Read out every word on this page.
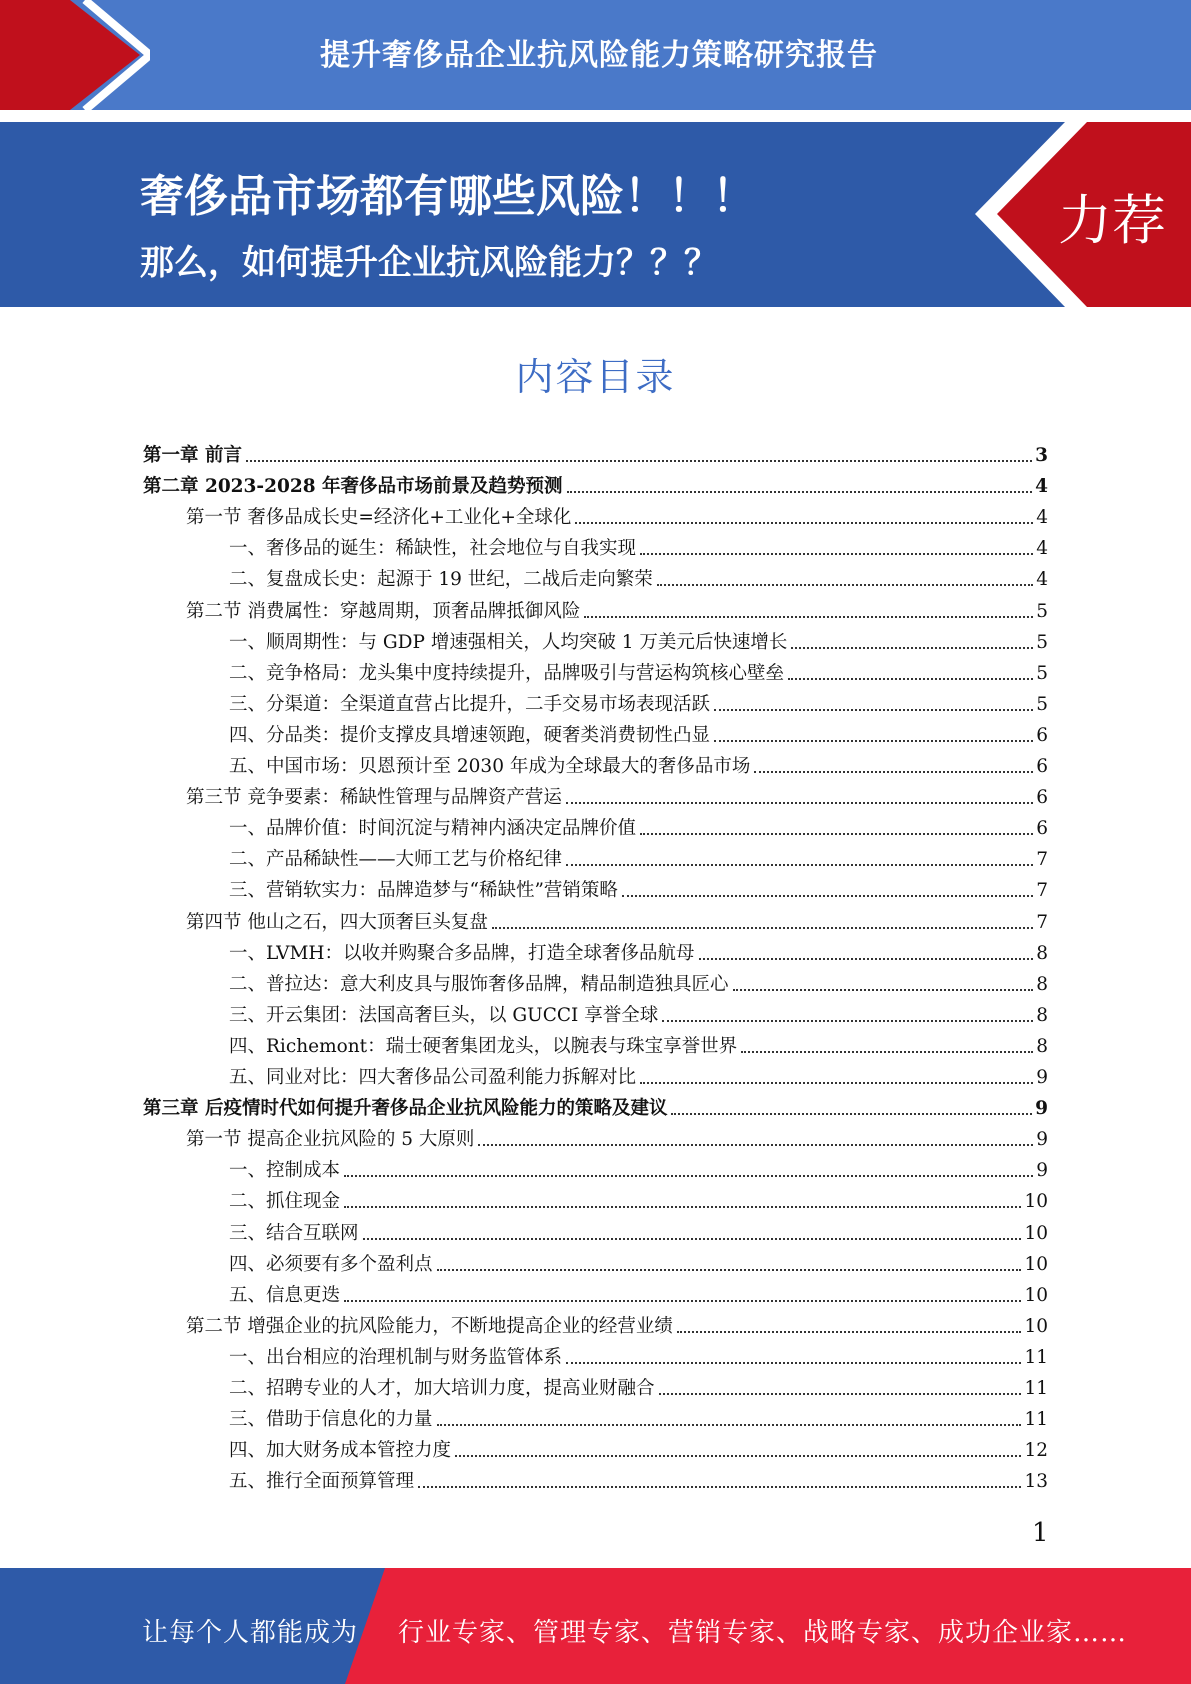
提升奢侈品企业抗风险能力策略研究报告
奢侈品市场都有哪些风险！！！
那么，如何提升企业抗风险能力？？？
力荐
内容目录
第一章 前言	3
第二章 2023-2028 年奢侈品市场前景及趋势预测	4
第一节 奢侈品成长史=经济化+工业化+全球化	4
一、奢侈品的诞生：稀缺性，社会地位与自我实现	4
二、复盘成长史：起源于 19 世纪，二战后走向繁荣	4
第二节 消费属性：穿越周期，顶奢品牌抵御风险	5
一、顺周期性：与 GDP 增速强相关，人均突破 1 万美元后快速增长	5
二、竞争格局：龙头集中度持续提升，品牌吸引与营运构筑核心壁垒	5
三、分渠道：全渠道直营占比提升，二手交易市场表现活跃	5
四、分品类：提价支撑皮具增速领跑，硬奢类消费韧性凸显	6
五、中国市场：贝恩预计至 2030 年成为全球最大的奢侈品市场	6
第三节 竞争要素：稀缺性管理与品牌资产营运	6
一、品牌价值：时间沉淀与精神内涵决定品牌价值	6
二、产品稀缺性——大师工艺与价格纪律	7
三、营销软实力：品牌造梦与“稀缺性”营销策略	7
第四节 他山之石，四大顶奢巨头复盘	7
一、LVMH：以收并购聚合多品牌，打造全球奢侈品航母	8
二、普拉达：意大利皮具与服饰奢侈品牌，精品制造独具匠心	8
三、开云集团：法国高奢巨头，以 GUCCI 享誉全球	8
四、Richemont：瑞士硬奢集团龙头，以腕表与珠宝享誉世界	8
五、同业对比：四大奢侈品公司盈利能力拆解对比	9
第三章 后疫情时代如何提升奢侈品企业抗风险能力的策略及建议	9
第一节 提高企业抗风险的 5 大原则	9
一、控制成本	9
二、抓住现金	10
三、结合互联网	10
四、必须要有多个盈利点	10
五、信息更迭	10
第二节 增强企业的抗风险能力，不断地提高企业的经营业绩	10
一、出台相应的治理机制与财务监管体系	11
二、招聘专业的人才，加大培训力度，提高业财融合	11
三、借助于信息化的力量	11
四、加大财务成本管控力度	12
五、推行全面预算管理	13
1
让每个人都能成为 行业专家、管理专家、营销专家、战略专家、成功企业家……
